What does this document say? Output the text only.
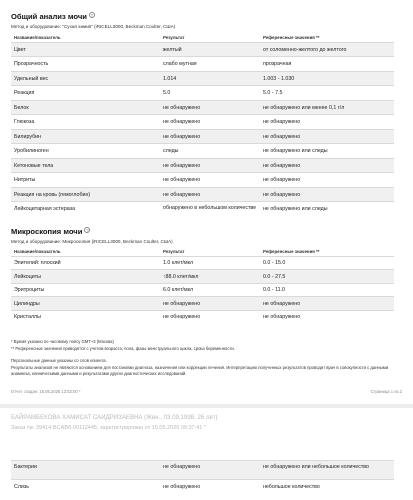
Общий анализ мочи ?
Метод и оборудование: "Сухая химия" (iRICELL3000, Beckman Coulter, США)
Название/показатель	Результат	Референсные значения **
Цвет	желтый	от соломенно-желтого до желтого
Прозрачность	слабо мутная	прозрачная
Удельный вес	1.014	1.003 - 1.030
Реакция	5.0	5.0 - 7.5
Белок	не обнаружено	не обнаружено или менее 0,1 г/л
Глюкоза	не обнаружено	не обнаружено
Билирубин	не обнаружено	не обнаружено
Уробилиноген	следы	не обнаружено или следы
Кетоновые тела	не обнаружено	не обнаружено
Нитриты	не обнаружено	не обнаружено
Реакция на кровь (гемоглобин)	не обнаружено	не обнаружено
Лейкоцитарная эстераза	обнаружено в небольшом количестве	не обнаружено или следы
Микроскопия мочи ?
Метод и оборудование: Микроскопия (iRICELL3000, Beckman Coulter, США)
Название/показатель	Результат	Референсные значения **
Эпителий: плоский	1.0 клет/мкл	0.0 - 15.0
Лейкоциты	↑88.0 клет/мкл	0.0 - 27.5
Эритроциты	6.0 клет/мкл	0.0 - 11.0
Цилиндры	не обнаружено	не обнаружено
Кристаллы	не обнаружено	не обнаружено
* Время указано по часовому поясу GMT+3 (Москва)
** Референсные значения приводятся с учетом возраста, пола, фазы менструального цикла, срока беременности.
Персональные данные указаны со слов клиента.
Результаты анализов не являются основанием для постановки диагноза, назначения или коррекции лечения. Интерпретацию полученных результатов проводит врач в совокупности с данными анамнеза, клиническими данными и результатами других диагностических исследований.
Отчет создан: 16.05.2025 13:53:00 *	Страница 1 из 2
БАЙРАМБЕКОВА ХАМИСАТ САИДРИЗАЕВНА (Жен., 03.09.1998, 26 лет)
Заказ №: 39414-BCAB8-00112445, зарегистрирован от 15.05.2025 09:37:41 *
Бактерии	не обнаружено	не обнаружено или небольшое количество
Слизь	не обнаружено	небольшое количество
